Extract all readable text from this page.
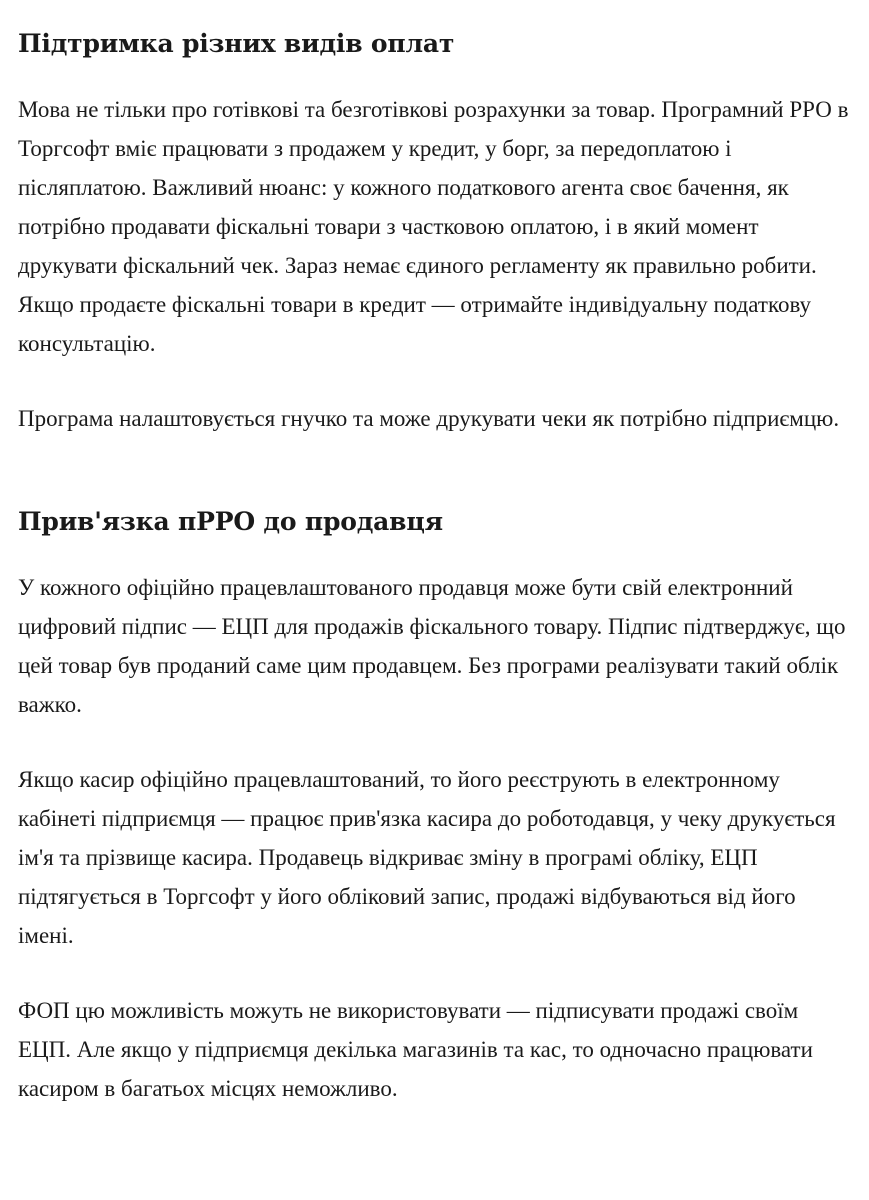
Підтримка різних видів оплат

Мова не тільки про готівкові та безготівкові розрахунки за товар. Програмний РРО в Торгсофт вміє працювати з продажем у кредит, у борг, за передоплатою і післяплатою. Важливий нюанс: у кожного податкового агента своє бачення, як потрібно продавати фіскальні товари з частковою оплатою, і в який момент друкувати фіскальний чек. Зараз немає єдиного регламенту як правильно робити. Якщо продаєте фіскальні товари в кредит — отримайте індивідуальну податкову консультацію.

Програма налаштовується гнучко та може друкувати чеки як потрібно підприємцю.

Прив'язка пРРО до продавця

У кожного офіційно працевлаштованого продавця може бути свій електронний цифровий підпис — ЕЦП для продажів фіскального товару. Підпис підтверджує, що цей товар був проданий саме цим продавцем. Без програми реалізувати такий облік важко.

Якщо касир офіційно працевлаштований, то його реєструють в електронному кабінеті підприємця — працює прив'язка касира до роботодавця, у чеку друкується ім'я та прізвище касира. Продавець відкриває зміну в програмі обліку, ЕЦП підтягується в Торгсофт у його обліковий запис, продажі відбуваються від його імені.

ФОП цю можливість можуть не використовувати — підписувати продажі своїм ЕЦП. Але якщо у підприємця декілька магазинів та кас, то одночасно працювати касиром в багатьох місцях неможливо.
